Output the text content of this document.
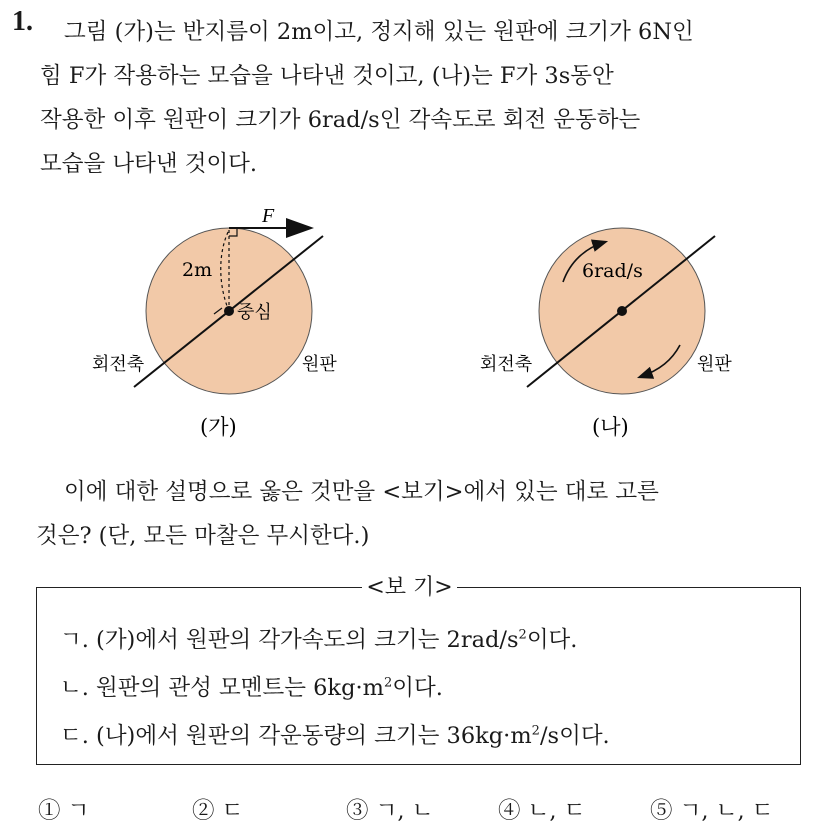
1. 그림 (가)는 반지름이 2m이고, 정지해 있는 원판에 크기가 6N인
힘 F가 작용하는 모습을 나타낸 것이고, (나)는 F가 3s동안
작용한 이후 원판이 크기가 6rad/s인 각속도로 회전 운동하는
모습을 나타낸 것이다.
F
2m
중심
회전축	원판
(가)
6rad/s
회전축	원판
(나)
이에 대한 설명으로 옳은 것만을 <보기>에서 있는 대로 고른
것은? (단, 모든 마찰은 무시한다.)
<보 기>
ㄱ. (가)에서 원판의 각가속도의 크기는 $2rad/s^2$이다.
ㄴ. 원판의 관성 모멘트는 $6kg\cdot m^2$이다.
ㄷ. (나)에서 원판의 각운동량의 크기는 $36kg\cdot m^2/s$이다.
① ㄱ	② ㄷ	③ ㄱ, ㄴ	④ ㄴ, ㄷ	⑤ ㄱ, ㄴ, ㄷ
